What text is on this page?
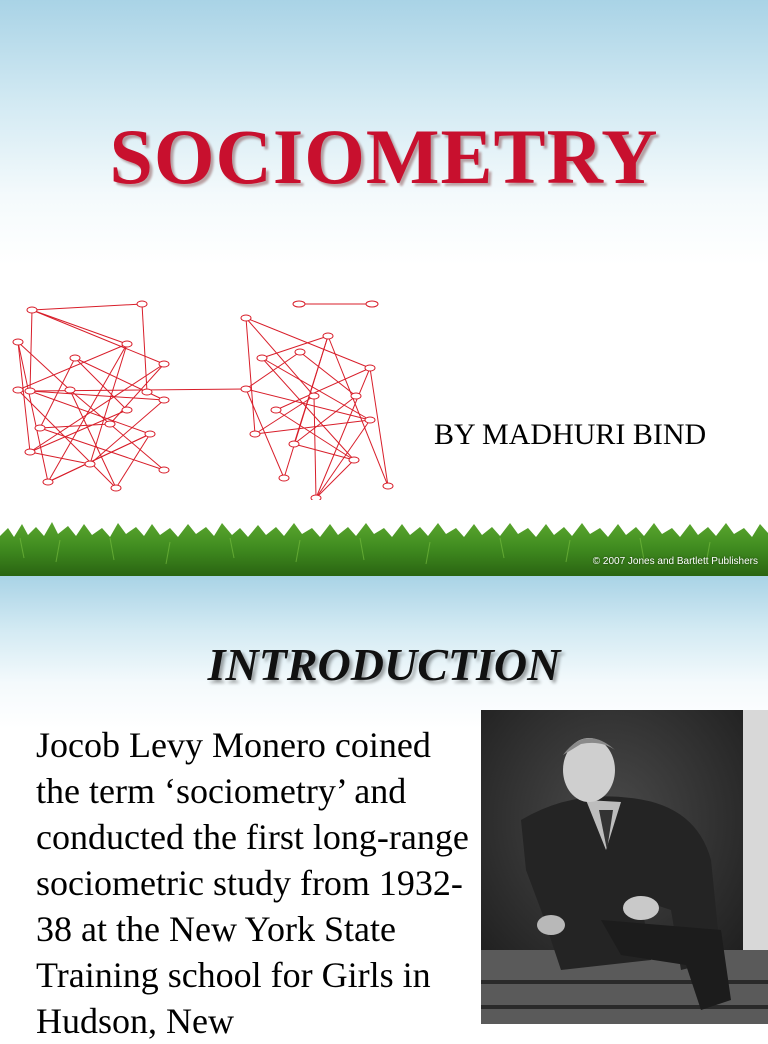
SOCIOMETRY
BY MADHURI BIND
© 2007 Jones and Bartlett Publishers
INTRODUCTION
Jocob Levy Monero coined the term ‘sociometry’ and conducted the first long-range sociometric study from 1932-38 at the New York State Training school for Girls in Hudson, New
